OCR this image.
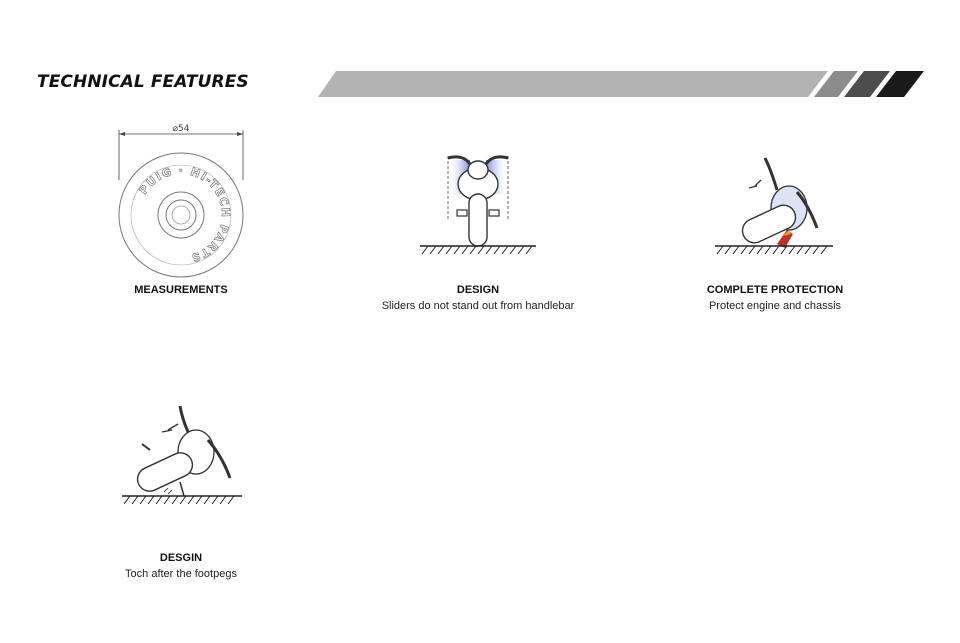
TECHNICAL FEATURES
⌀54
PUIG · HI-TECH PARTS
MEASUREMENTS	DESIGN
Sliders do not stand out from handlebar
COMPLETE PROTECTION
Protect engine and chassis
DESGIN
Toch after the footpegs
